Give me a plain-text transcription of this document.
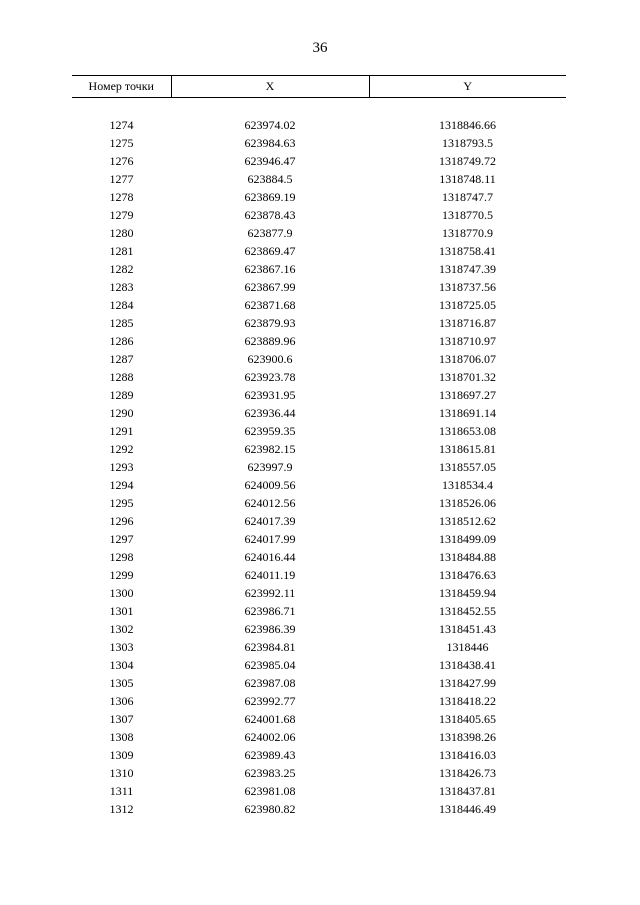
36
Номер точки	X	Y

1274	623974.02	1318846.66
1275	623984.63	1318793.5
1276	623946.47	1318749.72
1277	623884.5	1318748.11
1278	623869.19	1318747.7
1279	623878.43	1318770.5
1280	623877.9	1318770.9
1281	623869.47	1318758.41
1282	623867.16	1318747.39
1283	623867.99	1318737.56
1284	623871.68	1318725.05
1285	623879.93	1318716.87
1286	623889.96	1318710.97
1287	623900.6	1318706.07
1288	623923.78	1318701.32
1289	623931.95	1318697.27
1290	623936.44	1318691.14
1291	623959.35	1318653.08
1292	623982.15	1318615.81
1293	623997.9	1318557.05
1294	624009.56	1318534.4
1295	624012.56	1318526.06
1296	624017.39	1318512.62
1297	624017.99	1318499.09
1298	624016.44	1318484.88
1299	624011.19	1318476.63
1300	623992.11	1318459.94
1301	623986.71	1318452.55
1302	623986.39	1318451.43
1303	623984.81	1318446
1304	623985.04	1318438.41
1305	623987.08	1318427.99
1306	623992.77	1318418.22
1307	624001.68	1318405.65
1308	624002.06	1318398.26
1309	623989.43	1318416.03
1310	623983.25	1318426.73
1311	623981.08	1318437.81
1312	623980.82	1318446.49
